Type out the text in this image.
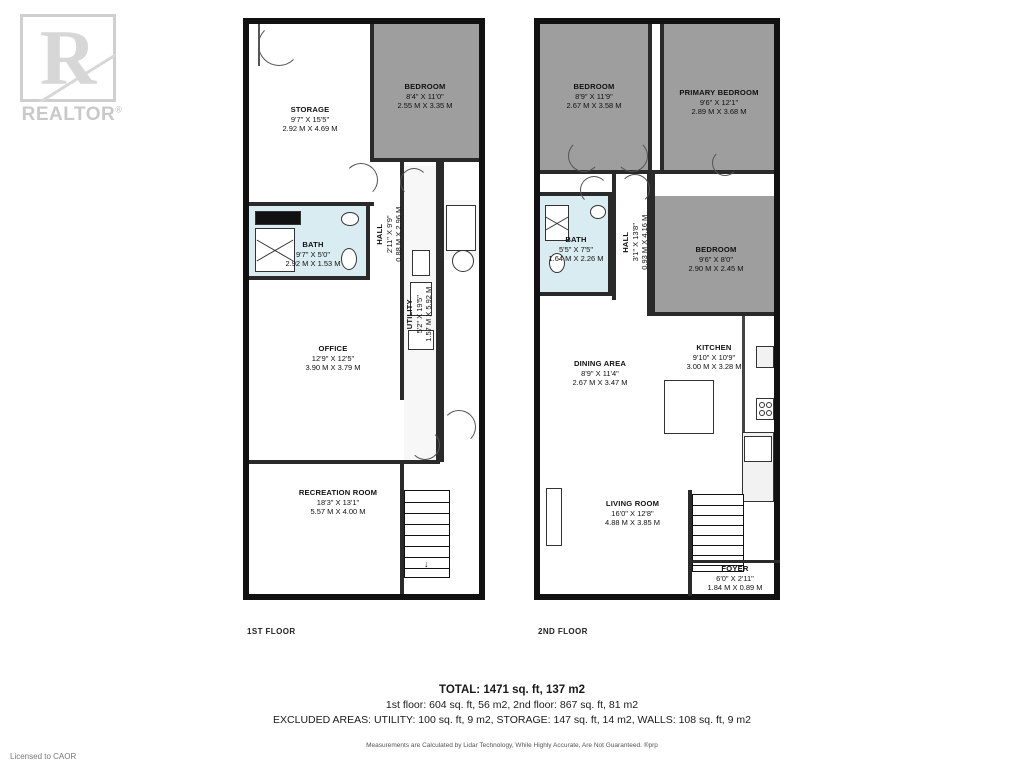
R
REALTOR®
↓
STORAGE
9'7" X 15'5"
2.92 M X 4.69 M
BEDROOM
8'4" X 11'0"
2.55 M X 3.35 M
BATH
9'7" X 5'0"
2.92 M X 1.53 M
HALL 2'11" X 9'9" 0.88 M X 2.96 M
UTILITY 5'2" X 19'5" 1.57 M X 5.92 M
OFFICE
12'9" X 12'5"
3.90 M X 3.79 M
RECREATION ROOM
18'3" X 13'1"
5.57 M X 4.00 M
1ST FLOOR
BEDROOM
8'9" X 11'9"
2.67 M X 3.58 M
PRIMARY BEDROOM
9'6" X 12'1"
2.89 M X 3.68 M
BEDROOM
9'6" X 8'0"
2.90 M X 2.45 M
BATH
5'5" X 7'5"
1.64 M X 2.26 M
HALL 3'1" X 13'8" 0.93 M X 4.16 M
KITCHEN
9'10" X 10'9"
3.00 M X 3.28 M
DINING AREA
8'9" X 11'4"
2.67 M X 3.47 M
LIVING ROOM
16'0" X 12'8"
4.88 M X 3.85 M
FOYER
6'0" X 2'11"
1.84 M X 0.89 M
2ND FLOOR
TOTAL: 1471 sq. ft, 137 m2
1st floor: 604 sq. ft, 56 m2, 2nd floor: 867 sq. ft, 81 m2
EXCLUDED AREAS: UTILITY: 100 sq. ft, 9 m2, STORAGE: 147 sq. ft, 14 m2, WALLS: 108 sq. ft, 9 m2
Measurements are Calculated by Lidar Technology, While Highly Accurate, Are Not Guaranteed. ®prp
Licensed to CAOR
